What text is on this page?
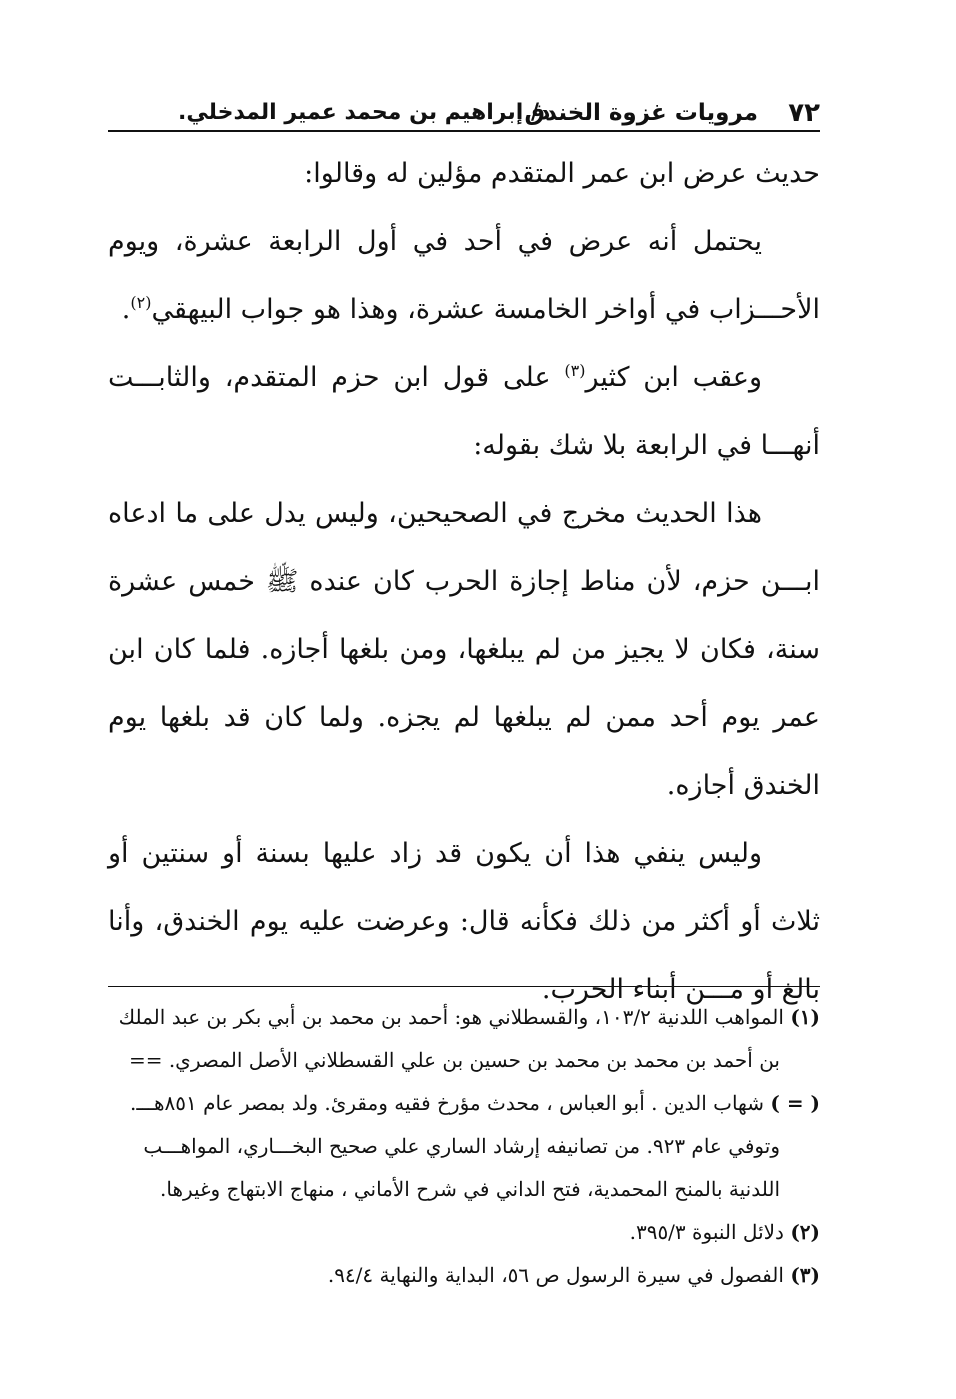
٧٢
مرويات غزوة الخندق
د/ إبراهيم بن محمد عمير المدخلي.

حديث عرض ابن عمر المتقدم مؤلين له وقالوا:

يحتمل أنه عرض في أحد في أول الرابعة عشرة، ويوم الأحـــزاب في أواخر الخامسة عشرة، وهذا هو جواب البيهقي$^{(٢)}$.

وعقب ابن كثير$^{(٣)}$ على قول ابن حزم المتقدم، والثابـــت أنهـــا في الرابعة بلا شك بقوله:

هذا الحديث مخرج في الصحيحين، وليس يدل على ما ادعاه ابـــن حزم، لأن مناط إجازة الحرب كان عنده ﷺ خمس عشرة سنة، فكان لا يجيز من لم يبلغها، ومن بلغها أجازه. فلما كان ابن عمر يوم أحد ممن لم يبلغها لم يجزه. ولما كان قد بلغها يوم الخندق أجازه.

وليس ينفي هذا أن يكون قد زاد عليها بسنة أو سنتين أو ثلاث أو أكثر من ذلك فكأنه قال: وعرضت عليه يوم الخندق، وأنا بالغ أو مـــن أبناء الحرب.

(١) المواهب اللدنية ١٠٣/٢، والقسطلاني هو: أحمد بن محمد بن أبي بكر بن عبد الملك

بن أحمد بن محمد بن محمد بن حسين بن علي القسطلاني الأصل المصري. ==

( = ) شهاب الدين . أبو العباس ، محدث مؤرخ فقيه ومقرئ. ولد بمصر عام ٨٥١هـــ.

وتوفي عام ٩٢٣. من تصانيفه إرشاد الساري علي صحيح البخـــاري، المواهـــب

اللدنية بالمنح المحمدية، فتح الداني في شرح الأماني ، منهاج الابتهاج وغيرها.

(٢) دلائل النبوة ٣٩٥/٣.

(٣) الفصول في سيرة الرسول ص ٥٦، البداية والنهاية ٩٤/٤.
